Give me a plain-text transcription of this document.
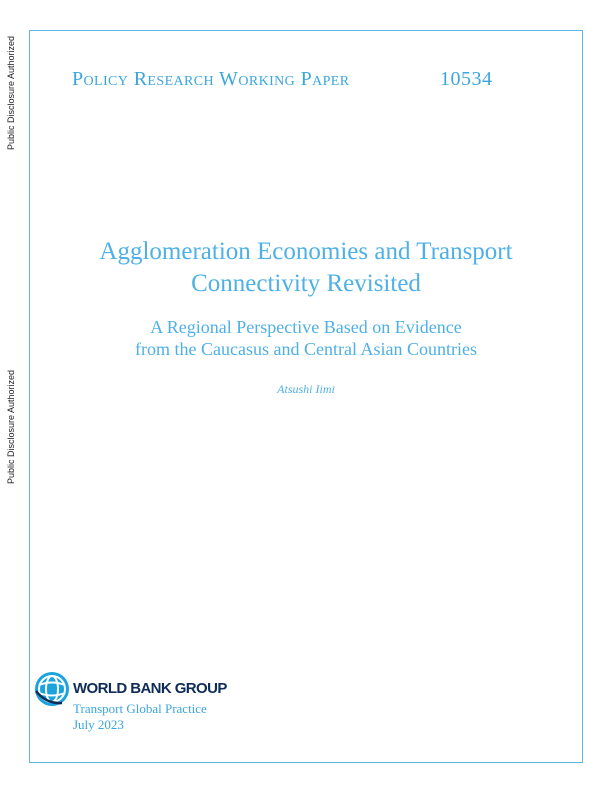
Public Disclosure Authorized
Public Disclosure Authorized
Policy Research Working Paper	10534
Agglomeration Economies and Transport
Connectivity Revisited
A Regional Perspective Based on Evidence
from the Caucasus and Central Asian Countries
Atsushi Iimi
WORLD BANK GROUP
Transport Global Practice
July 2023
